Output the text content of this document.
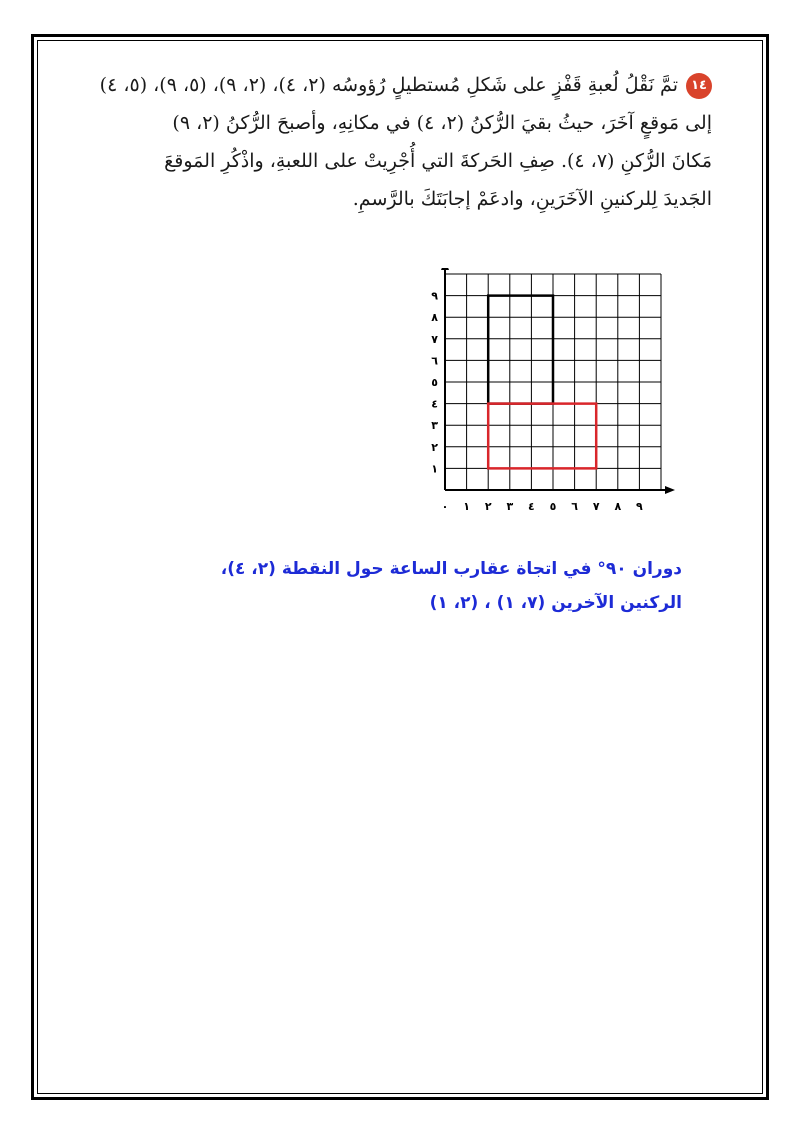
١٤تمَّ نَقْلُ لُعبةِ قَفْزٍ على شَكلِ مُستطيلٍ رُؤوسُه (٢، ٤)، (٢، ٩)، (٥، ٩)، (٥، ٤)
إلى مَوقعٍ آخَرَ، حيثُ بقيَ الرُّكنُ (٢، ٤) في مكانِهِ، وأصبحَ الرُّكنُ (٢، ٩)
مَكانَ الرُّكنِ (٧، ٤). صِفِ الحَركةَ التي أُجْرِيتْ على اللعبةِ، واذْكُرِ المَوقعَ
الجَديدَ لِلركنينِ الآخَرَينِ، وادعَمْ إجابَتَكَ بالرَّسمِ.
٠ ١ ٢ ٣ ٤ ٥ ٦ ٧ ٨ ٩
١
٢
٣
٤
٥
٦
٧
٨
٩
دوران ٩٠° في اتجاة عقارب الساعة حول النقطة (٢، ٤)،
الركنين الآخرين (٧، ١) ، (٢، ١)
